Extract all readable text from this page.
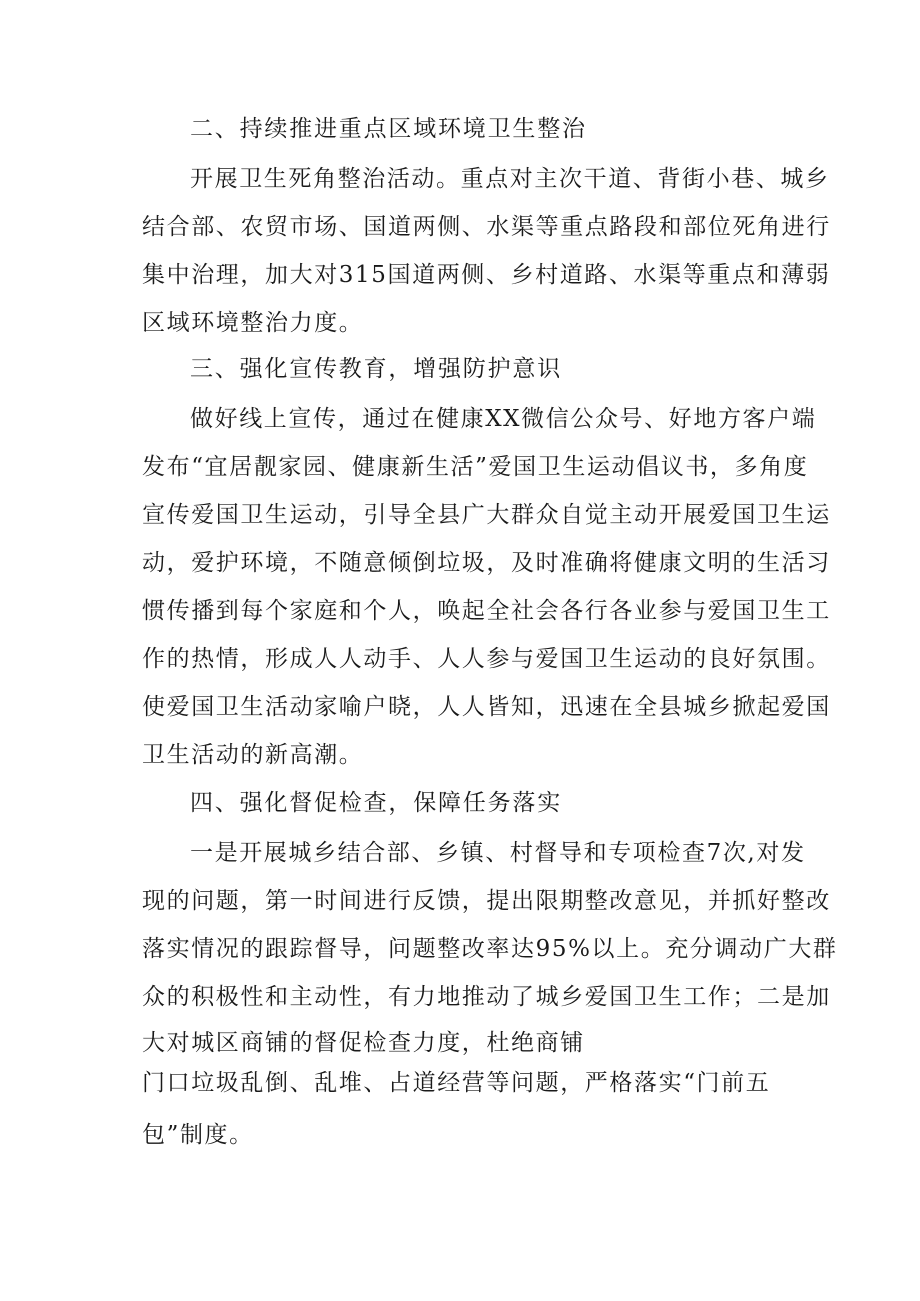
二、持续推进重点区域环境卫生整治
开展卫生死角整治活动。重点对主次干道、背街小巷、城乡
结合部、农贸市场、国道两侧、水渠等重点路段和部位死角进行
集中治理，加大对315国道两侧、乡村道路、水渠等重点和薄弱
区域环境整治力度。
三、强化宣传教育，增强防护意识
做好线上宣传，通过在健康XX微信公众号、好地方客户端
发布“宜居靓家园、健康新生活”爱国卫生运动倡议书，多角度
宣传爱国卫生运动，引导全县广大群众自觉主动开展爱国卫生运
动，爱护环境，不随意倾倒垃圾，及时准确将健康文明的生活习
惯传播到每个家庭和个人，唤起全社会各行各业参与爱国卫生工
作的热情，形成人人动手、人人参与爱国卫生运动的良好氛围。
使爱国卫生活动家喻户晓，人人皆知，迅速在全县城乡掀起爱国
卫生活动的新高潮。
四、强化督促检查，保障任务落实
一是开展城乡结合部、乡镇、村督导和专项检查7次,对发
现的问题，第一时间进行反馈，提出限期整改意见，并抓好整改
落实情况的跟踪督导，问题整改率达95%以上。充分调动广大群
众的积极性和主动性，有力地推动了城乡爱国卫生工作；二是加
大对城区商铺的督促检查力度，杜绝商铺
门口垃圾乱倒、乱堆、占道经营等问题，严格落实“门前五
包”制度。
